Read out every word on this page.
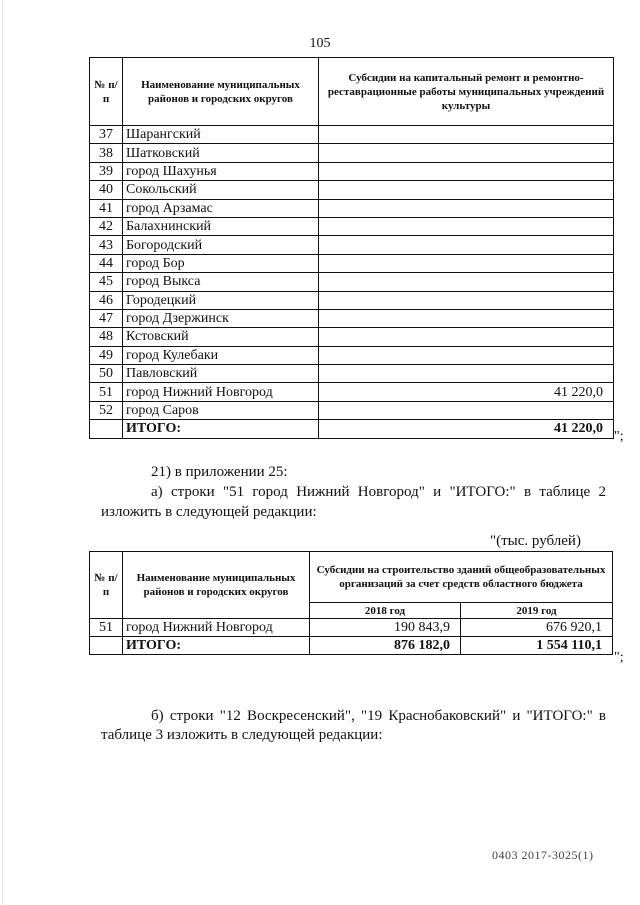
105
№ п/п	Наименование муниципальных районов и городских округов	Субсидии на капитальный ремонт и ремонтно-реставрационные работы муниципальных учреждений культуры
37	Шарангский	
38	Шатковский	
39	город Шахунья	
40	Сокольский	
41	город Арзамас	
42	Балахнинский	
43	Богородский	
44	город Бор	
45	город Выкса	
46	Городецкий	
47	город Дзержинск	
48	Кстовский	
49	город Кулебаки	
50	Павловский	
51	город Нижний Новгород	41 220,0
52	город Саров	
	ИТОГО:	41 220,0
";
21) в приложении 25:
а) строки "51 город Нижний Новгород" и "ИТОГО:" в таблице 2
изложить в следующей редакции:
"(тыс. рублей)
№ п/п	Наименование муниципальных районов и городских округов	Субсидии на строительство зданий общеобразовательных организаций за счет средств областного бюджета	
		2018 год	2019 год
51	город Нижний Новгород	190 843,9	676 920,1
	ИТОГО:	876 182,0	1 554 110,1
";
б) строки "12 Воскресенский", "19 Краснобаковский" и "ИТОГО:" в
таблице 3 изложить в следующей редакции:
0403 2017-3025(1)
